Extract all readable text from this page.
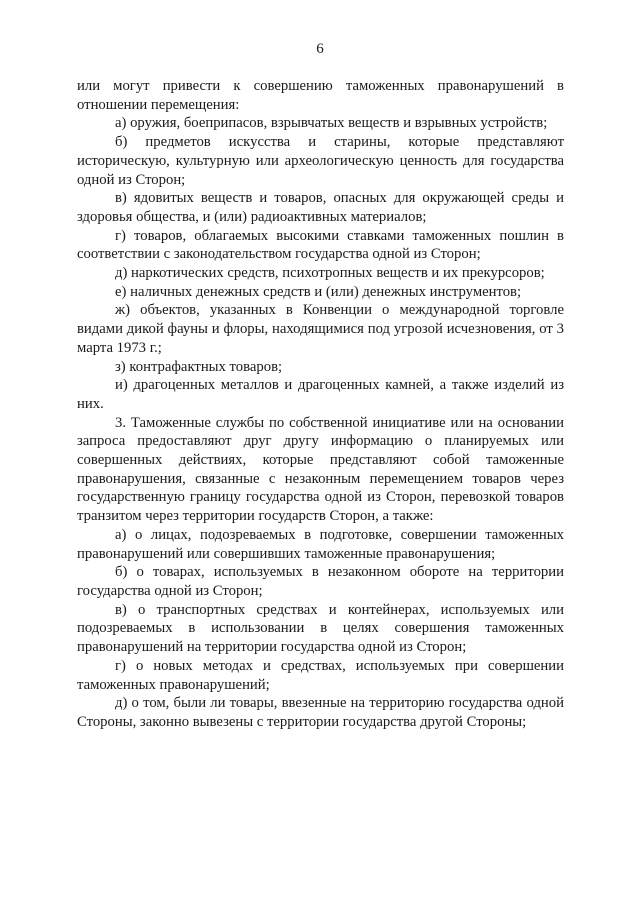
6

или могут привести к совершению таможенных правонарушений в отношении перемещения:

а) оружия, боеприпасов, взрывчатых веществ и взрывных устройств;

б) предметов искусства и старины, которые представляют историческую, культурную или археологическую ценность для государства одной из Сторон;

в) ядовитых веществ и товаров, опасных для окружающей среды и здоровья общества, и (или) радиоактивных материалов;

г) товаров, облагаемых высокими ставками таможенных пошлин в соответствии с законодательством государства одной из Сторон;

д) наркотических средств, психотропных веществ и их прекурсоров;

е) наличных денежных средств и (или) денежных инструментов;

ж) объектов, указанных в Конвенции о международной торговле видами дикой фауны и флоры, находящимися под угрозой исчезновения, от 3 марта 1973 г.;

з) контрафактных товаров;

и) драгоценных металлов и драгоценных камней, а также изделий из них.

3. Таможенные службы по собственной инициативе или на основании запроса предоставляют друг другу информацию о планируемых или совершенных действиях, которые представляют собой таможенные правонарушения, связанные с незаконным перемещением товаров через государственную границу государства одной из Сторон, перевозкой товаров транзитом через территории государств Сторон, а также:

а) о лицах, подозреваемых в подготовке, совершении таможенных правонарушений или совершивших таможенные правонарушения;

б) о товарах, используемых в незаконном обороте на территории государства одной из Сторон;

в) о транспортных средствах и контейнерах, используемых или подозреваемых в использовании в целях совершения таможенных правонарушений на территории государства одной из Сторон;

г) о новых методах и средствах, используемых при совершении таможенных правонарушений;

д) о том, были ли товары, ввезенные на территорию государства одной Стороны, законно вывезены с территории государства другой Стороны;
